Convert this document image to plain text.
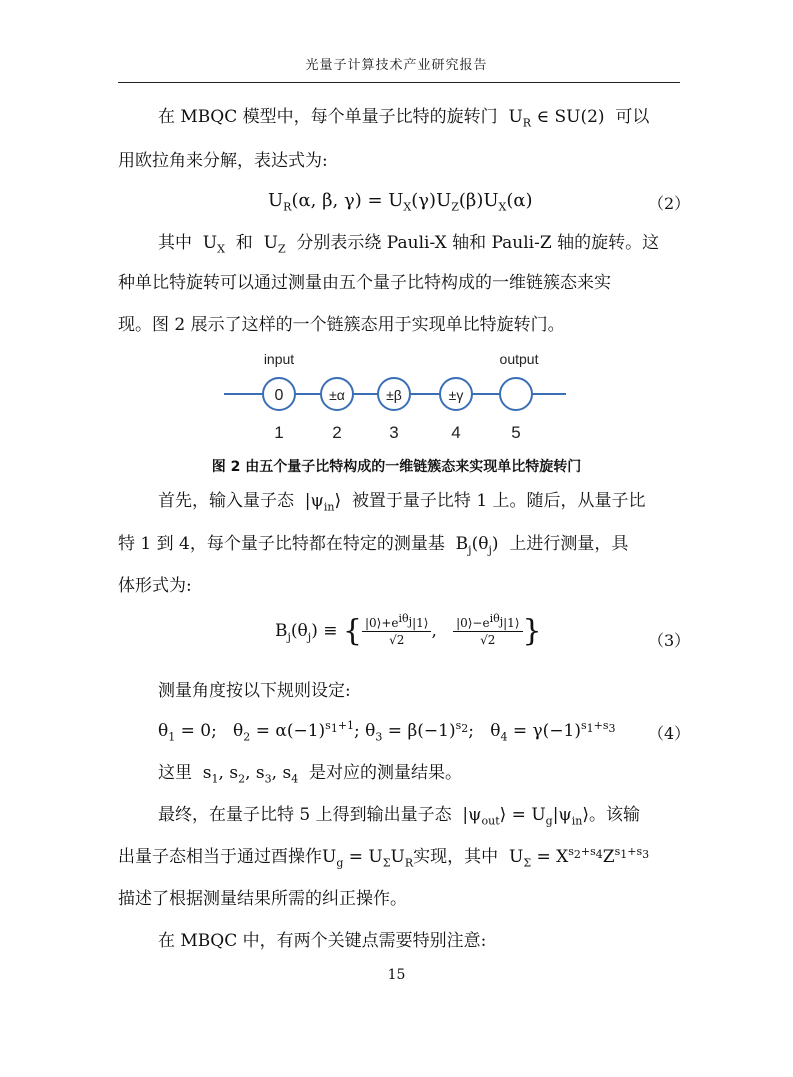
光量子计算技术产业研究报告
在 MBQC 模型中，每个单量子比特的旋转门  $U_R$ ∈ SU(2)  可以
用欧拉角来分解，表达式为:
$U_R(\alpha$, β, $\gamma) = U_X(\gamma)U_Z(\beta)U_X(\alpha)$	（2）
其中  $U_X$ 和  $U_Z$ 分别表示绕 Pauli-X 轴和 Pauli-Z 轴的旋转。这
种单比特旋转可以通过测量由五个量子比特构成的一维链簇态来实
现。图 2 展示了这样的一个链簇态用于实现单比特旋转门。
input	output
0
1
±α
2
±β
3
±γ
4	5
图 2 由五个量子比特构成的一维链簇态来实现单比特旋转门
首先，输入量子态  $|\psi_{in}⟩$  被置于量子比特 1 上。随后，从量子比
特 1 到 4，每个量子比特都在特定的测量基  $B_j(\theta_j)$  上进行测量，具
体形式为:
$B_j(\theta_j)$ ≡ { $\frac{|0⟩+e^{i\theta_j}|1⟩}{√2}$ , $\frac{|0⟩-e^{i\theta_j}|1⟩}{√2}$ }	（3）
测量角度按以下规则设定:
$\theta_1 = 0$;   $\theta_2 = \alpha(-1)^{s_1+1}$; $\theta_3 = \beta(-1)^{s_2}$;   $\theta_4 = \gamma(-1)^{s_1+s_3}$ （4）
这里  $s_1$, $s_2$, $s_3$, $s_4$ 是对应的测量结果。
最终，在量子比特 5 上得到输出量子态  $|\psi_{out}⟩$ = $U_g|\psi_{in}⟩$。该输
出量子态相当于通过酉操作$U_g = U_\Sigma U_R$实现，其中  $U_\Sigma = X^{s_2+s_4}Z^{s_1+s_3}$
描述了根据测量结果所需的纠正操作。
在 MBQC 中，有两个关键点需要特别注意:
15
